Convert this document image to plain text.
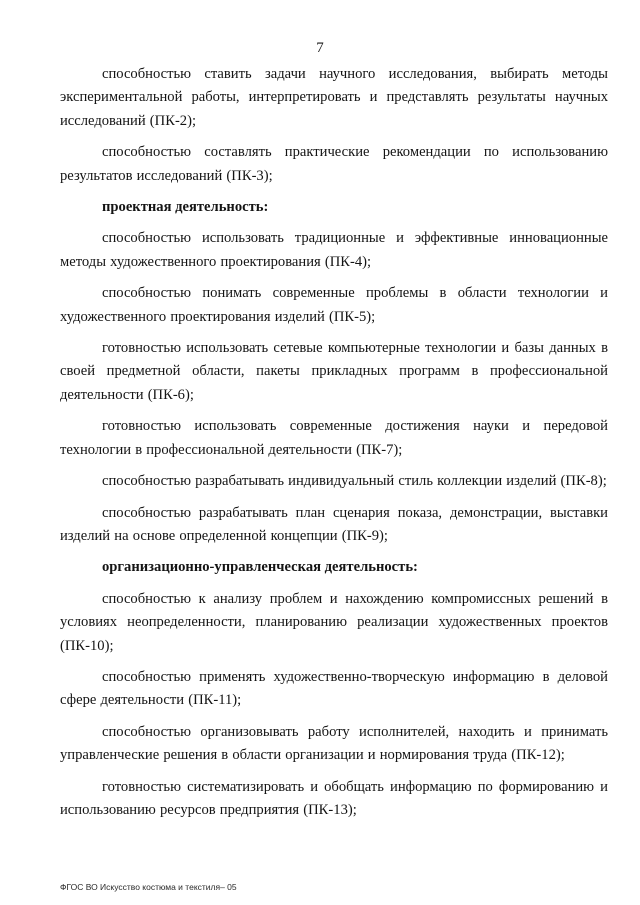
7

способностью ставить задачи научного исследования, выбирать методы экспериментальной работы, интерпретировать и представлять результаты научных исследований (ПК-2);

способностью составлять практические рекомендации по использованию результатов исследований (ПК-3);

проектная деятельность:

способностью использовать традиционные и эффективные инновационные методы художественного проектирования (ПК-4);

способностью понимать современные проблемы в области технологии и художественного проектирования изделий (ПК-5);

готовностью использовать сетевые компьютерные технологии и базы данных в своей предметной области, пакеты прикладных программ в профессиональной деятельности (ПК-6);

готовностью использовать современные достижения науки и передовой технологии в профессиональной деятельности (ПК-7);

способностью разрабатывать индивидуальный стиль коллекции изделий (ПК-8);

способностью разрабатывать план сценария показа, демонстрации, выставки изделий на основе определенной концепции (ПК-9);

организационно-управленческая деятельность:

способностью к анализу проблем и нахождению компромиссных решений в условиях неопределенности, планированию реализации художественных проектов (ПК-10);

способностью применять художественно-творческую информацию в деловой сфере деятельности (ПК-11);

способностью организовывать работу исполнителей, находить и принимать управленческие решения в области организации и нормирования труда (ПК-12);

готовностью систематизировать и обобщать информацию по формированию и использованию ресурсов предприятия (ПК-13);

ФГОС ВО Искусство костюма и текстиля– 05
